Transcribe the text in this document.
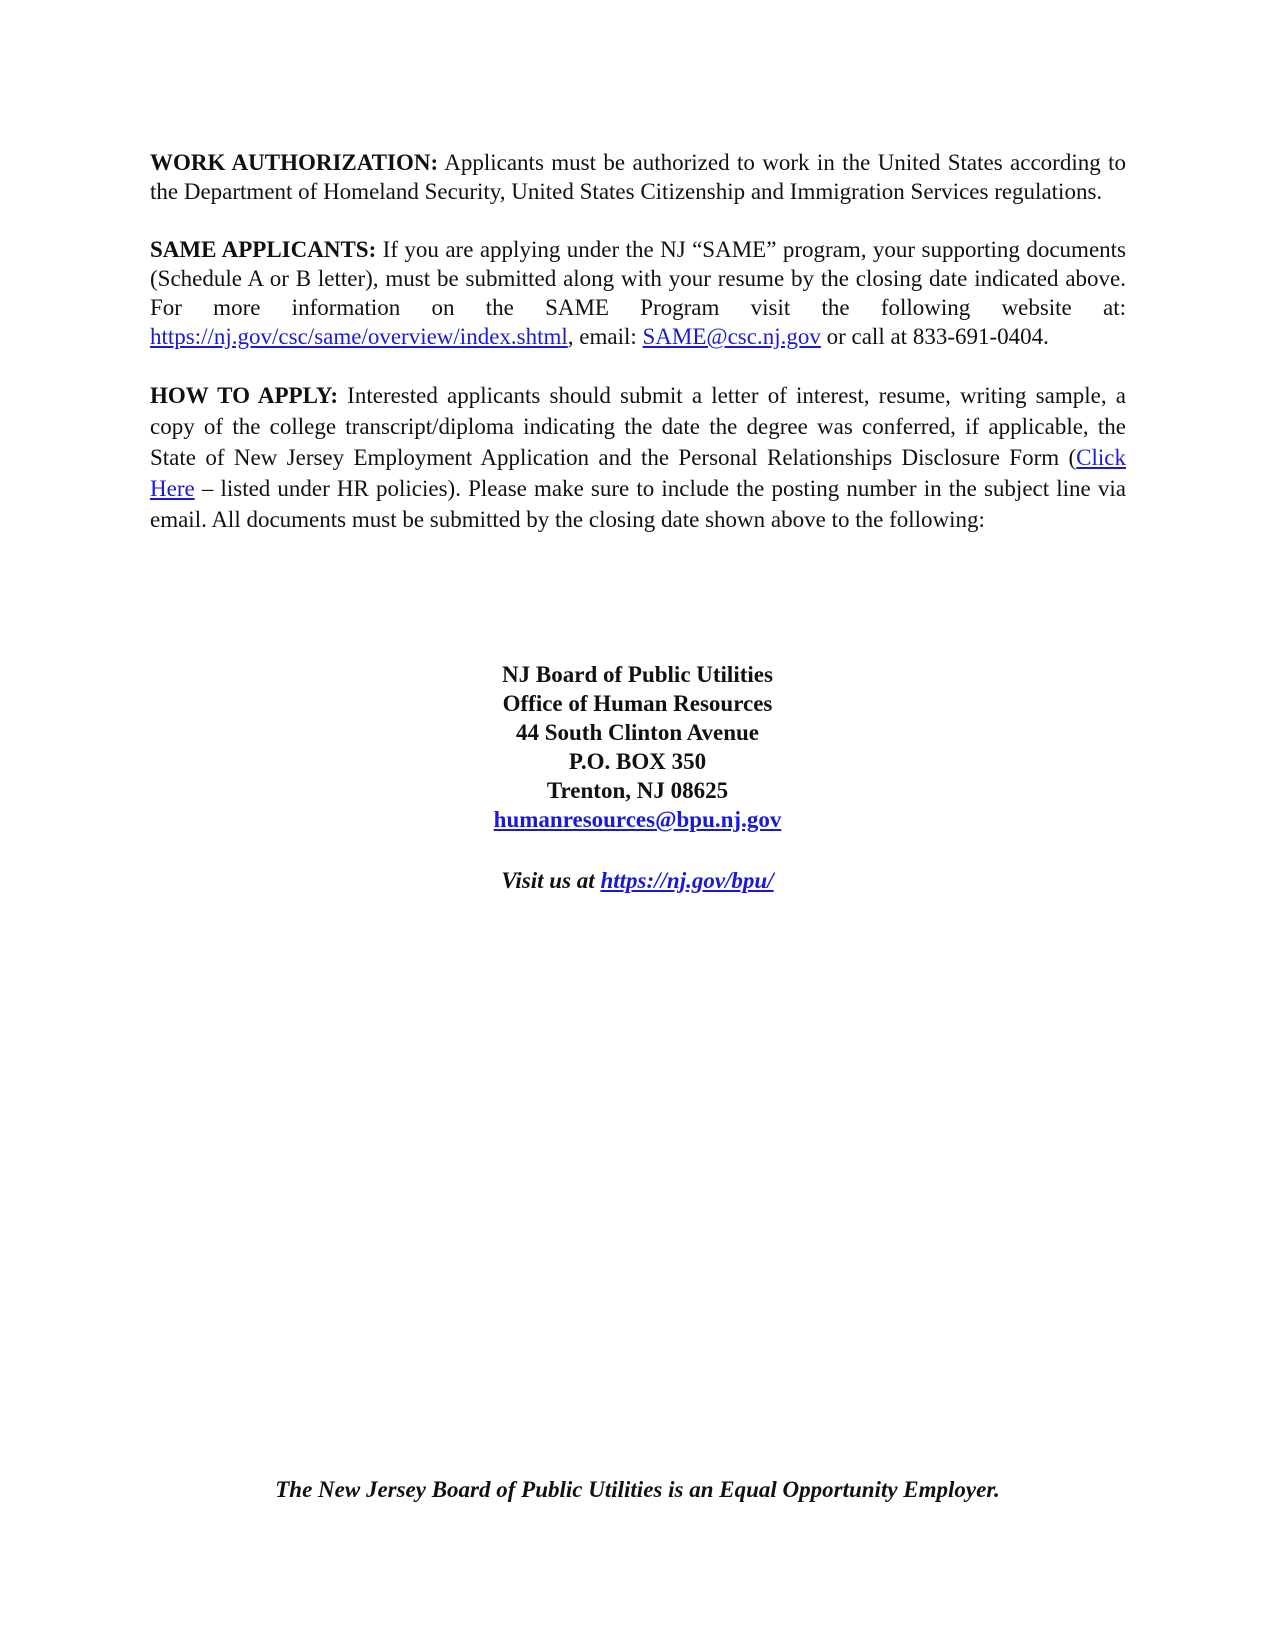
WORK AUTHORIZATION: Applicants must be authorized to work in the United States according to the Department of Homeland Security, United States Citizenship and Immigration Services regulations.

SAME APPLICANTS: If you are applying under the NJ “SAME” program, your supporting documents (Schedule A or B letter), must be submitted along with your resume by the closing date indicated above. For more information on the SAME Program visit the following website at: https://nj.gov/csc/same/overview/index.shtml, email: SAME@csc.nj.gov or call at 833-691-0404.

HOW TO APPLY: Interested applicants should submit a letter of interest, resume, writing sample, a copy of the college transcript/diploma indicating the date the degree was conferred, if applicable, the State of New Jersey Employment Application and the Personal Relationships Disclosure Form (Click Here – listed under HR policies). Please make sure to include the posting number in the subject line via email. All documents must be submitted by the closing date shown above to the following:

NJ Board of Public Utilities
Office of Human Resources
44 South Clinton Avenue
P.O. BOX 350
Trenton, NJ 08625
humanresources@bpu.nj.gov
Visit us at https://nj.gov/bpu/
The New Jersey Board of Public Utilities is an Equal Opportunity Employer.
